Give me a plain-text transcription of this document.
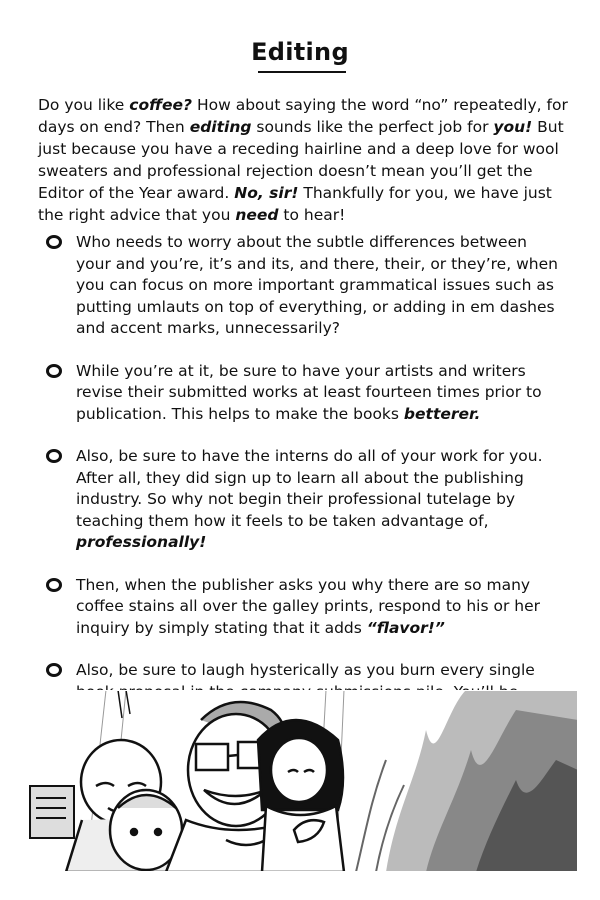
Editing

Do you like coffee? How about saying the word “no” repeatedly, for days on end? Then editing sounds like the perfect job for you! But just because you have a receding hairline and a deep love for wool sweaters and professional rejection doesn’t mean you’ll get the Editor of the Year award. No, sir! Thankfully for you, we have just the right advice that you need to hear!

Who needs to worry about the subtle differences between your and you’re, it’s and its, and there, their, or they’re, when you can focus on more important grammatical issues such as putting umlauts on top of everything, or adding in em dashes and accent marks, unnecessarily?
While you’re at it, be sure to have your artists and writers revise their submitted works at least fourteen times prior to publication. This helps to make the books betterer.
Also, be sure to have the interns do all of your work for you. After all, they did sign up to learn all about the publishing industry. So why not begin their professional tutelage by teaching them how it feels to be taken advantage of, professionally!
Then, when the publisher asks you why there are so many coffee stains all over the galley prints, respond to his or her inquiry by simply stating that it adds “flavor!”
Also, be sure to laugh hysterically as you burn every single
